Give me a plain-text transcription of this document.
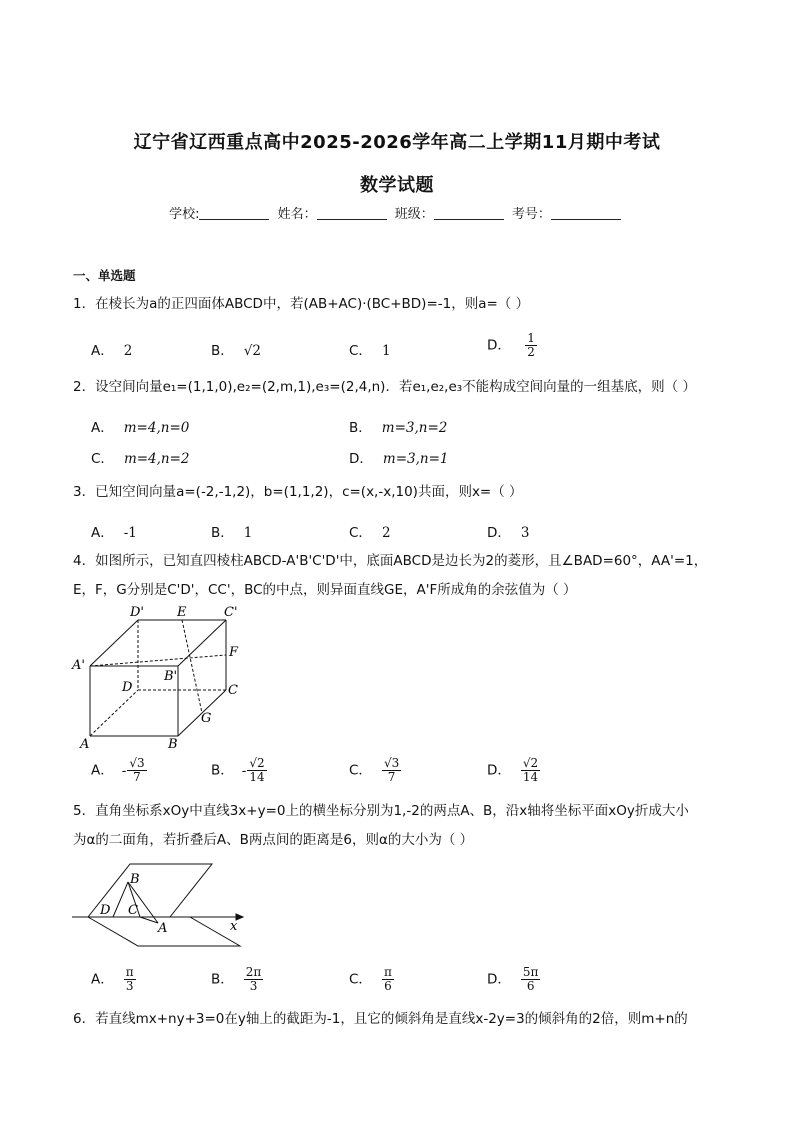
辽宁省辽西重点高中2025-2026学年高二上学期11月期中考试
数学试题
学校:	姓名：	班级：	考号：
一、单选题
1．在棱长为a的正四面体ABCD中，若(AB+AC)·(BC+BD)=-1，则a=（ ）
A． 2	B． √2	C． 1	D． $\frac{1}{2}$
2．设空间向量e₁=(1,1,0),e₂=(2,m,1),e₃=(2,4,n)．若e₁,e₂,e₃不能构成空间向量的一组基底，则（ ）
A． m=4,n=0	B． m=3,n=2
C． m=4,n=2	D． m=3,n=1
3．已知空间向量a=(-2,-1,2)，b=(1,1,2)，c=(x,-x,10)共面，则x=（ ）
A． -1	B． 1	C． 2	D． 3
4．如图所示，已知直四棱柱ABCD-A'B'C'D'中，底面ABCD是边长为2的菱形，且∠BAD=60°，AA'=1，
E，F，G分别是C'D'，CC'，BC的中点，则异面直线GE，A'F所成角的余弦值为（ ）
D'	E	C'
F
A'
B'
D	C
G
A	B
A． - $\frac{√3}{7}$	B． - $\frac{√2}{14}$	C． $\frac{√3}{7}$	D． $\frac{√2}{14}$
5．直角坐标系xOy中直线3x+y=0上的横坐标分别为1,-2的两点A、B，沿x轴将坐标平面xOy折成大小
为α的二面角，若折叠后A、B两点间的距离是6，则α的大小为（ ）
B
D C
A	x
A． $\frac{\pi}{3}$	B． $\frac{2\pi}{3}$	C． $\frac{\pi}{6}$	D． $\frac{5\pi}{6}$
6．若直线mx+ny+3=0在y轴上的截距为-1，且它的倾斜角是直线x-2y=3的倾斜角的2倍，则m+n的
